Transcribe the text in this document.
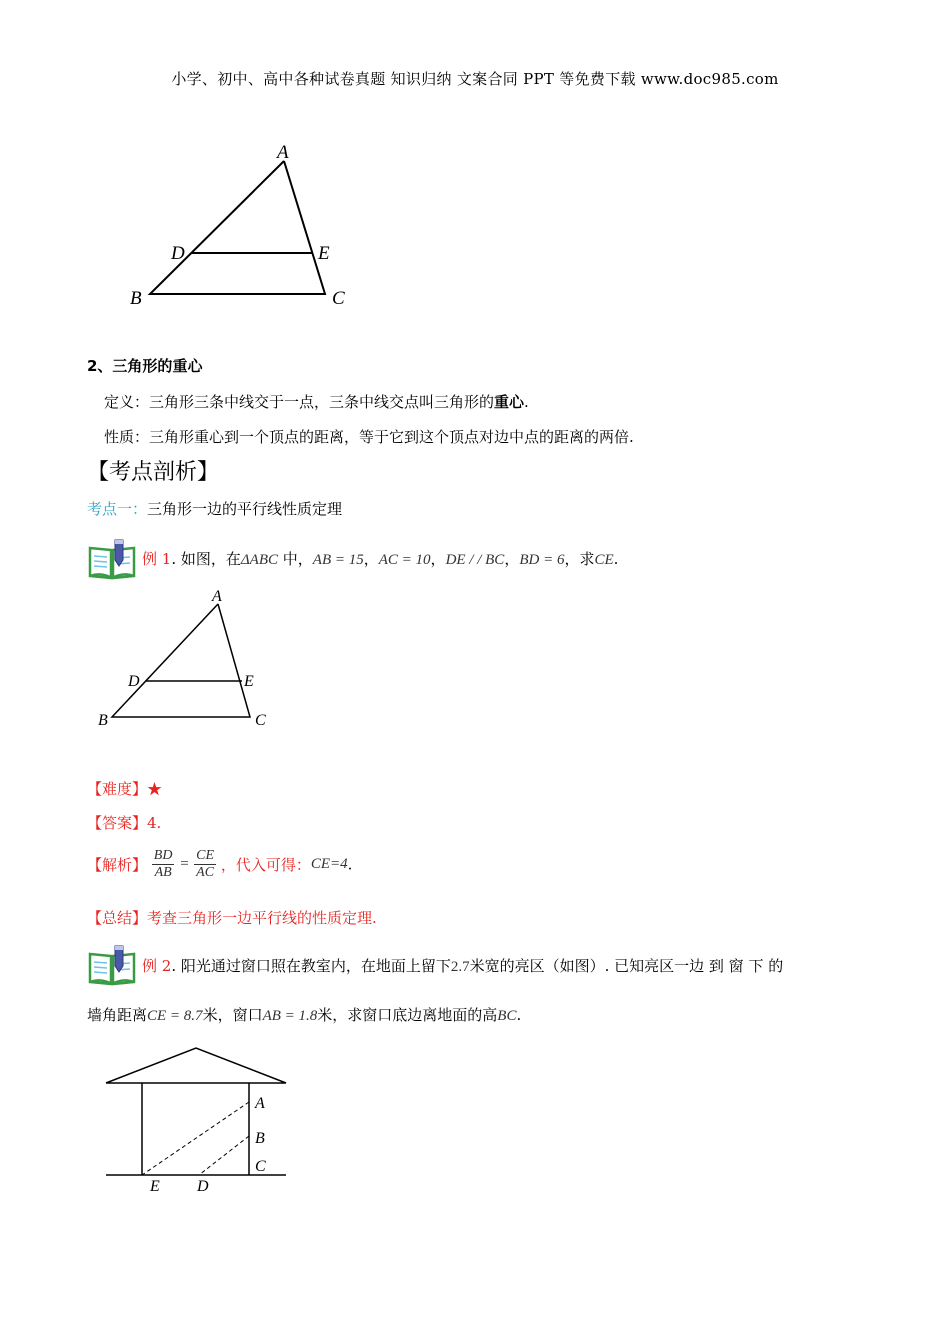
小学、初中、高中各种试卷真题 知识归纳 文案合同 PPT 等免费下载 www.doc985.com
A
D	E
B	C
2、三角形的重心
定义：三角形三条中线交于一点，三条中线交点叫三角形的重心.
性质：三角形重心到一个顶点的距离，等于它到这个顶点对边中点的距离的两倍.
【考点剖析】
考点一：三角形一边的平行线性质定理
例 1. 如图，在ΔABC 中，AB = 15，AC = 10，DE / / BC，BD = 6，求CE.
A
D	E
B	C
【难度】★
【答案】4.
【解析】 $\frac{BD}{AB} = \frac{CE}{AC}$ ，代入可得：CE=4.
【总结】考查三角形一边平行线的性质定理.
例 2. 阳光通过窗口照在教室内，在地面上留下2.7米宽的亮区（如图）. 已知亮区一边 到 窗 下 的
墙角距离CE = 8.7米，窗口AB = 1.8米，求窗口底边离地面的高BC.
A
B
C
E D
